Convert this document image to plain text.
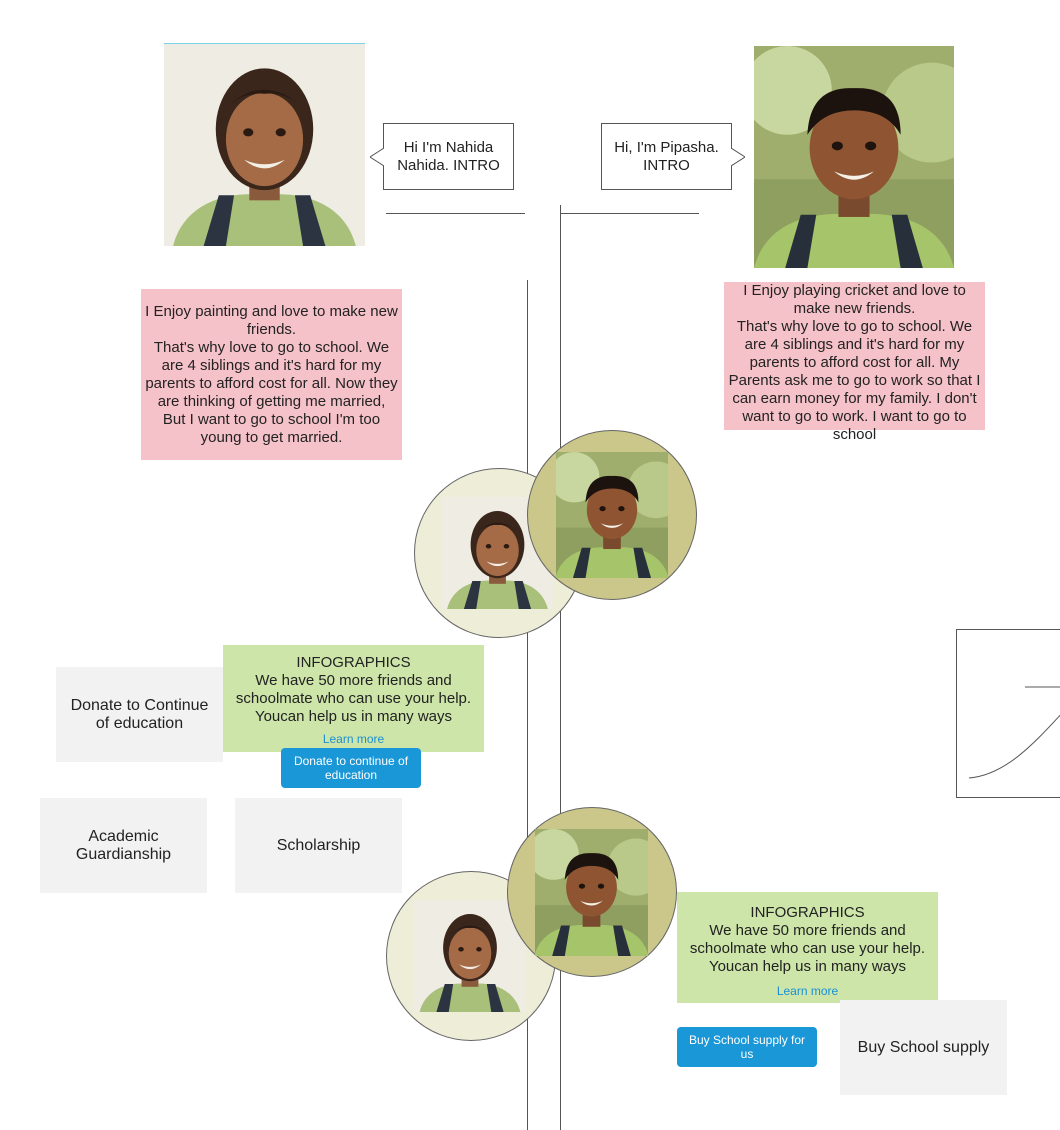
Hi I'm Nahida Nahida. INTRO
Hi, I'm Pipasha. INTRO
I Enjoy painting and love to make new friends.
That's why love to go to school. We are 4 siblings and it's hard for my parents to afford cost for all. Now they are thinking of getting me married, But I want to go to school I'm too young to get married.
I Enjoy playing cricket and love to make new friends.
That's why love to go to school. We are 4 siblings and it's hard for my parents to afford cost for all. My Parents ask me to go to work so that I can earn money for my family. I don't want to go to work. I want to go to school
Donate to Continue of education
INFOGRAPHICS
We have 50 more friends and schoolmate who can use your help. Youcan help us in many ways
Learn more
Donate to continue of education
Academic Guardianship
Scholarship
INFOGRAPHICS
We have 50 more friends and schoolmate who can use your help. Youcan help us in many ways
Learn more
Buy School supply for us	Buy School supply
